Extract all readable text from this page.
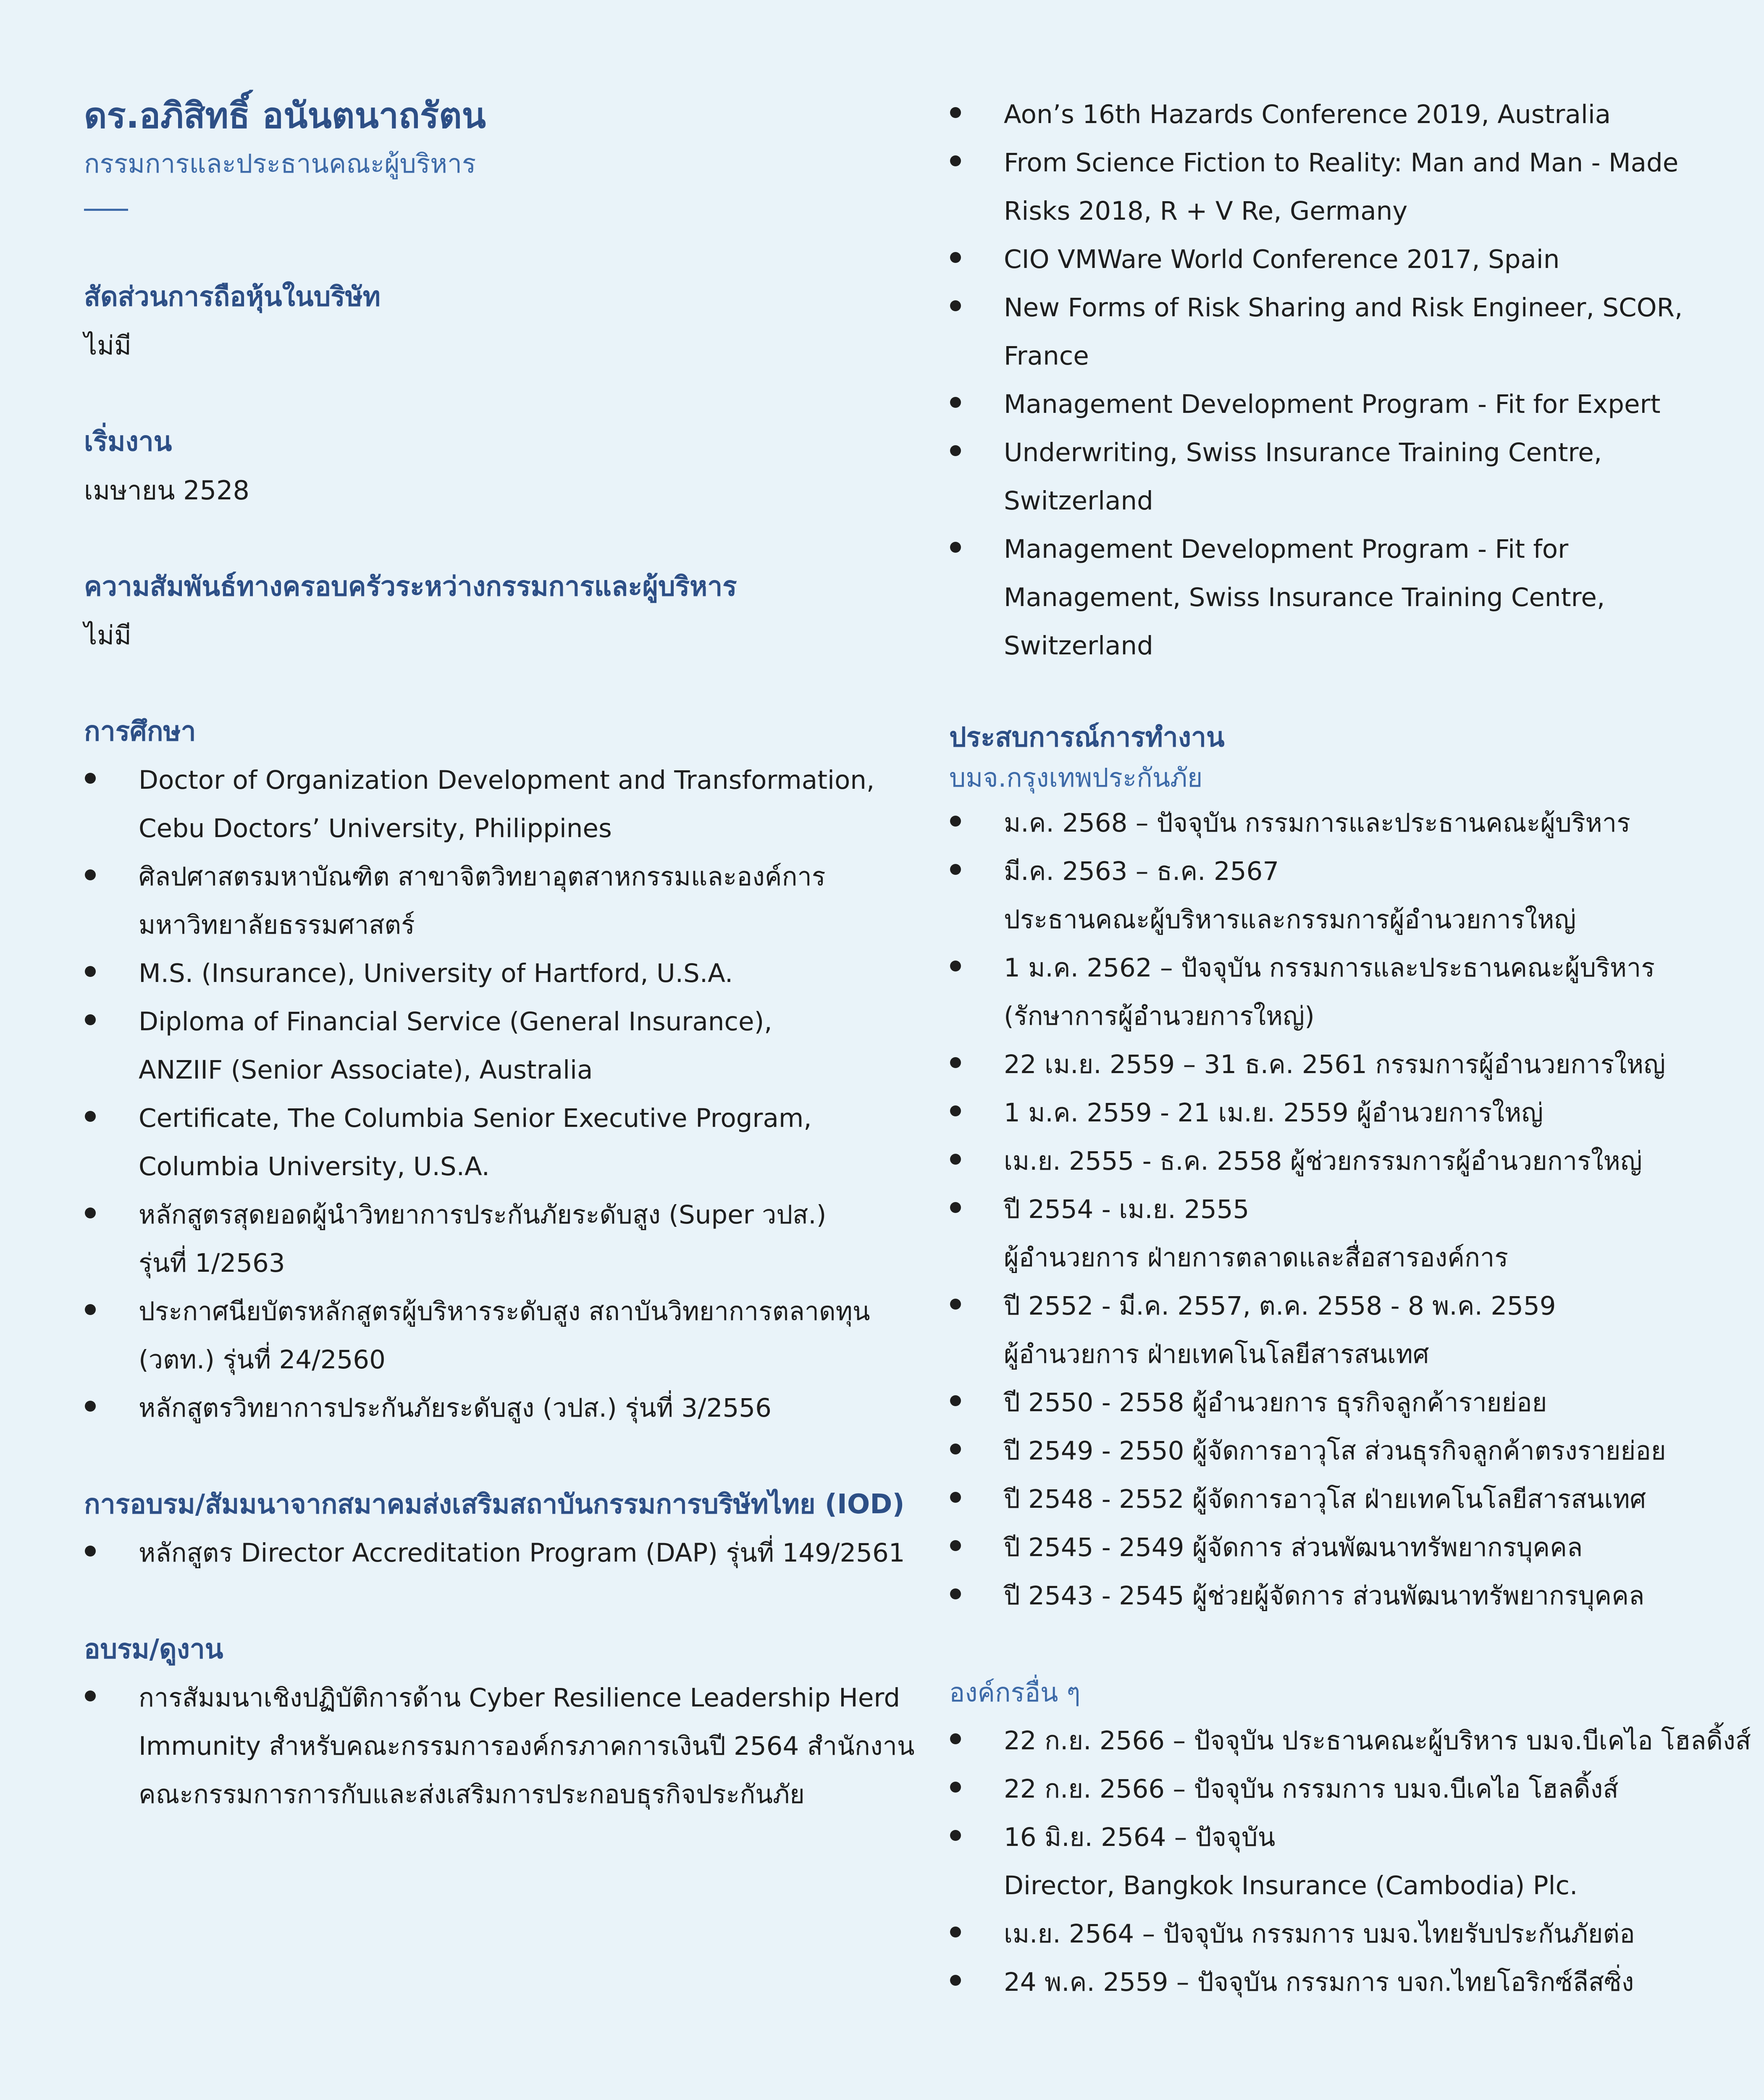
ดร.อภิสิทธิ์ อนันตนาถรัตน
กรรมการและประธานคณะผู้บริหาร
สัดส่วนการถือหุ้นในบริษัท
ไม่มี
เริ่มงาน
เมษายน 2528
ความสัมพันธ์ทางครอบครัวระหว่างกรรมการและผู้บริหาร
ไม่มี
การศึกษา
Doctor of Organization Development and Transformation,
Cebu Doctors’ University, Philippines
ศิลปศาสตรมหาบัณฑิต สาขาจิตวิทยาอุตสาหกรรมและองค์การ
มหาวิทยาลัยธรรมศาสตร์
M.S. (Insurance), University of Hartford, U.S.A.
Diploma of Financial Service (General Insurance),
ANZIIF (Senior Associate), Australia
Certificate, The Columbia Senior Executive Program,
Columbia University, U.S.A.
หลักสูตรสุดยอดผู้นำวิทยาการประกันภัยระดับสูง (Super วปส.)
รุ่นที่ 1/2563
ประกาศนียบัตรหลักสูตรผู้บริหารระดับสูง สถาบันวิทยาการตลาดทุน
(วตท.) รุ่นที่ 24/2560
หลักสูตรวิทยาการประกันภัยระดับสูง (วปส.) รุ่นที่ 3/2556
การอบรม/สัมมนาจากสมาคมส่งเสริมสถาบันกรรมการบริษัทไทย (IOD)
หลักสูตร Director Accreditation Program (DAP) รุ่นที่ 149/2561
อบรม/ดูงาน
การสัมมนาเชิงปฏิบัติการด้าน Cyber Resilience Leadership Herd
Immunity สำหรับคณะกรรมการองค์กรภาคการเงินปี 2564 สำนักงาน
คณะกรรมการการกับและส่งเสริมการประกอบธุรกิจประกันภัย
Aon’s 16th Hazards Conference 2019, Australia
From Science Fiction to Reality: Man and Man - Made
Risks 2018, R + V Re, Germany
CIO VMWare World Conference 2017, Spain
New Forms of Risk Sharing and Risk Engineer, SCOR,
France
Management Development Program - Fit for Expert
Underwriting, Swiss Insurance Training Centre,
Switzerland
Management Development Program - Fit for
Management, Swiss Insurance Training Centre,
Switzerland
ประสบการณ์การทำงาน
บมจ.กรุงเทพประกันภัย
ม.ค. 2568 – ปัจจุบัน กรรมการและประธานคณะผู้บริหาร
มี.ค. 2563 – ธ.ค. 2567
ประธานคณะผู้บริหารและกรรมการผู้อำนวยการใหญ่
1 ม.ค. 2562 – ปัจจุบัน กรรมการและประธานคณะผู้บริหาร
(รักษาการผู้อำนวยการใหญ่)
22 เม.ย. 2559 – 31 ธ.ค. 2561 กรรมการผู้อำนวยการใหญ่
1 ม.ค. 2559 - 21 เม.ย. 2559 ผู้อำนวยการใหญ่
เม.ย. 2555 - ธ.ค. 2558 ผู้ช่วยกรรมการผู้อำนวยการใหญ่
ปี 2554 - เม.ย. 2555
ผู้อำนวยการ ฝ่ายการตลาดและสื่อสารองค์การ
ปี 2552 - มี.ค. 2557, ต.ค. 2558 - 8 พ.ค. 2559
ผู้อำนวยการ ฝ่ายเทคโนโลยีสารสนเทศ
ปี 2550 - 2558 ผู้อำนวยการ ธุรกิจลูกค้ารายย่อย
ปี 2549 - 2550 ผู้จัดการอาวุโส ส่วนธุรกิจลูกค้าตรงรายย่อย
ปี 2548 - 2552 ผู้จัดการอาวุโส ฝ่ายเทคโนโลยีสารสนเทศ
ปี 2545 - 2549 ผู้จัดการ ส่วนพัฒนาทรัพยากรบุคคล
ปี 2543 - 2545 ผู้ช่วยผู้จัดการ ส่วนพัฒนาทรัพยากรบุคคล
องค์กรอื่น ๆ
22 ก.ย. 2566 – ปัจจุบัน ประธานคณะผู้บริหาร บมจ.บีเคไอ โฮลดิ้งส์
22 ก.ย. 2566 – ปัจจุบัน กรรมการ บมจ.บีเคไอ โฮลดิ้งส์
16 มิ.ย. 2564 – ปัจจุบัน
Director, Bangkok Insurance (Cambodia) Plc.
เม.ย. 2564 – ปัจจุบัน กรรมการ บมจ.ไทยรับประกันภัยต่อ
24 พ.ค. 2559 – ปัจจุบัน กรรมการ บจก.ไทยโอริกซ์ลีสซิ่ง
